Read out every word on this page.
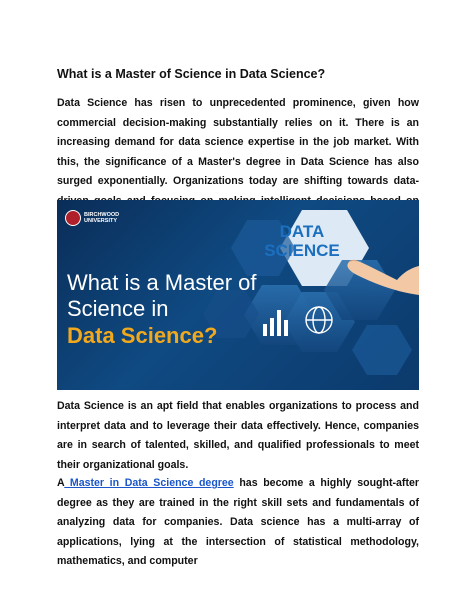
What is a Master of Science in Data Science?

Data Science has risen to unprecedented prominence, given how commercial decision-making substantially relies on it. There is an increasing demand for data science expertise in the job market. With this, the significance of a Master's degree in Data Science has also surged exponentially. Organizations today are shifting towards data-

BIRCHWOOD UNIVERSITY
DATA SCIENCE

What is a Master of Science in

Data Science?

Data Science is an apt field that enables organizations to process and interpret data and to leverage their data effectively. Hence, companies are in search of talented, skilled, and qualified professionals to meet their organizational goals.

A Master in Data Science degree has become a highly sought-after degree as they are trained in the right skill sets and fundamentals of analyzing data for companies. Data science has a multi-array of applications, lying at the intersection of statistical methodology, mathematics, and computer
